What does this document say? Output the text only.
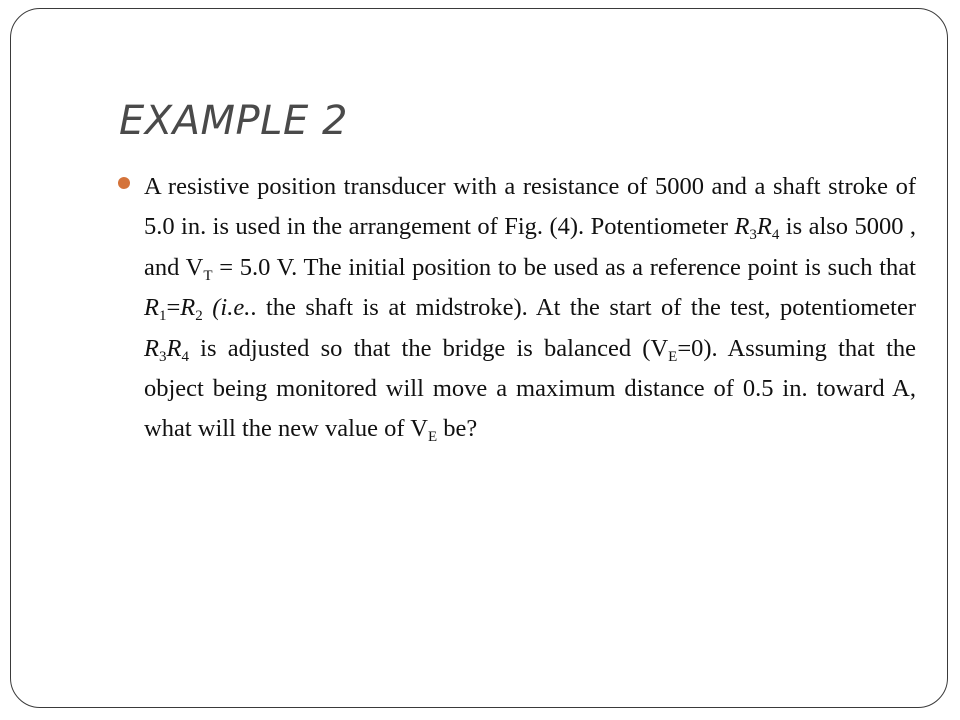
EXAMPLE 2

A resistive position transducer with a resistance of 5000 and a shaft stroke of 5.0 in. is used in the arrangement of Fig. (4). Potentiometer $R_3R_4$ is also 5000 , and $V_T = 5.0$ V. The initial position to be used as a reference point is such that $R_1=R_2$ (i.e.. the shaft is at midstroke). At the start of the test, potentiometer $R_3R_4$ is adjusted so that the bridge is balanced $(V_E=0)$. Assuming that the object being monitored will move a maximum distance of 0.5 in. toward A, what will the new value of $V_E$ be?
